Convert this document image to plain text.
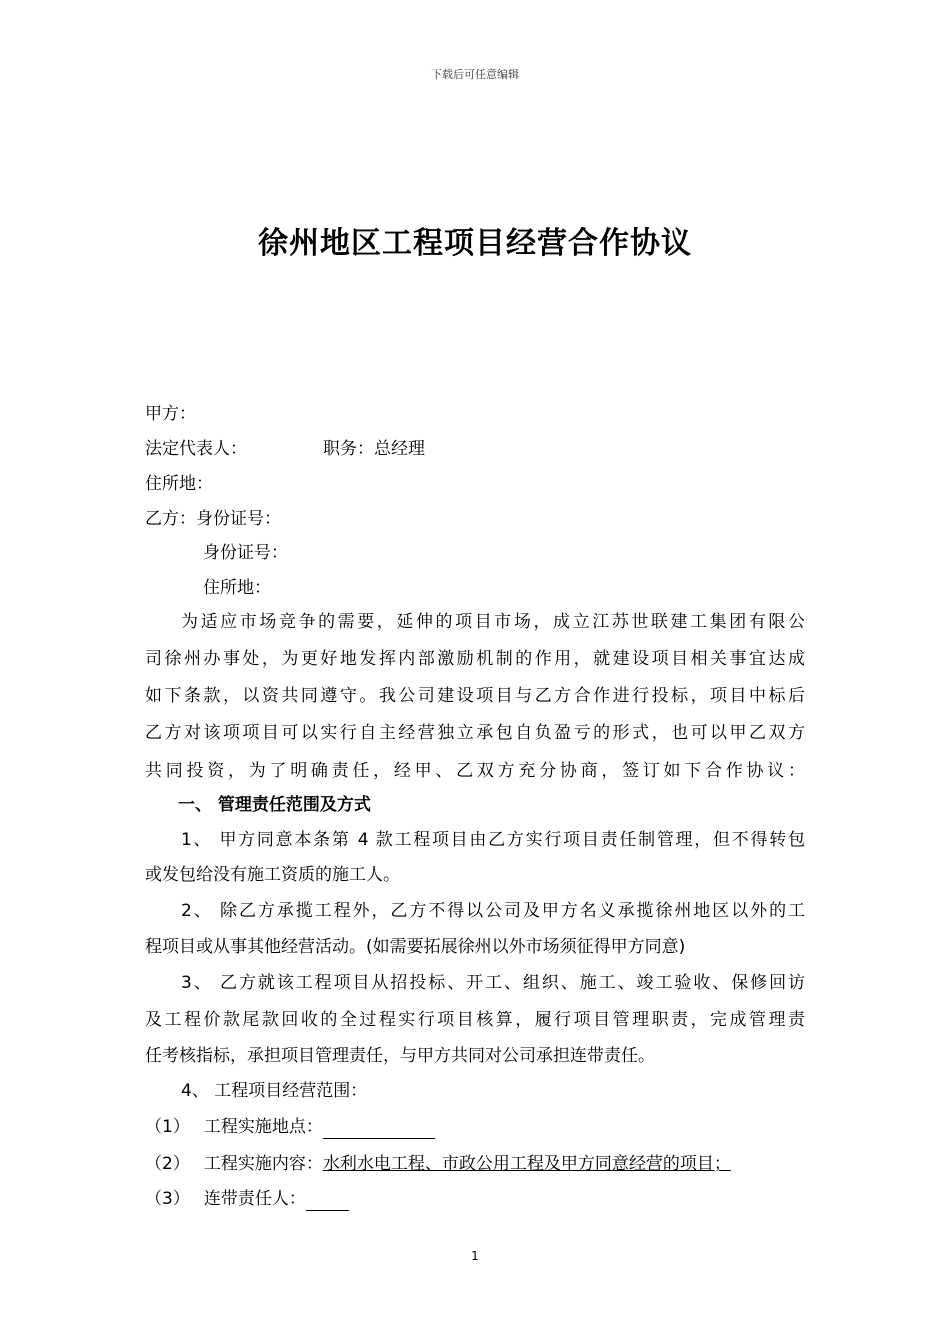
下载后可任意编辑
徐州地区工程项目经营合作协议
甲方：
法定代表人：	职务：总经理
住所地：
乙方：身份证号：
身份证号：
住所地：
为适应市场竞争的需要，延伸的项目市场，成立江苏世联建工集团有限公
司徐州办事处，为更好地发挥内部激励机制的作用，就建设项目相关事宜达成
如下条款，以资共同遵守。我公司建设项目与乙方合作进行投标，项目中标后
乙方对该项项目可以实行自主经营独立承包自负盈亏的形式，也可以甲乙双方
共同投资，为了明确责任，经甲、乙双方充分协商，签订如下合作协议：
一、 管理责任范围及方式
1、 甲方同意本条第 4 款工程项目由乙方实行项目责任制管理，但不得转包
或发包给没有施工资质的施工人。
2、 除乙方承揽工程外，乙方不得以公司及甲方名义承揽徐州地区以外的工
程项目或从事其他经营活动。(如需要拓展徐州以外市场须征得甲方同意)
3、 乙方就该工程项目从招投标、开工、组织、施工、竣工验收、保修回访
及工程价款尾款回收的全过程实行项目核算，履行项目管理职责，完成管理责
任考核指标，承担项目管理责任，与甲方共同对公司承担连带责任。
4、 工程项目经营范围：
（1） 工程实施地点：
（2） 工程实施内容：水利水电工程、市政公用工程及甲方同意经营的项目；
（3） 连带责任人：
1
